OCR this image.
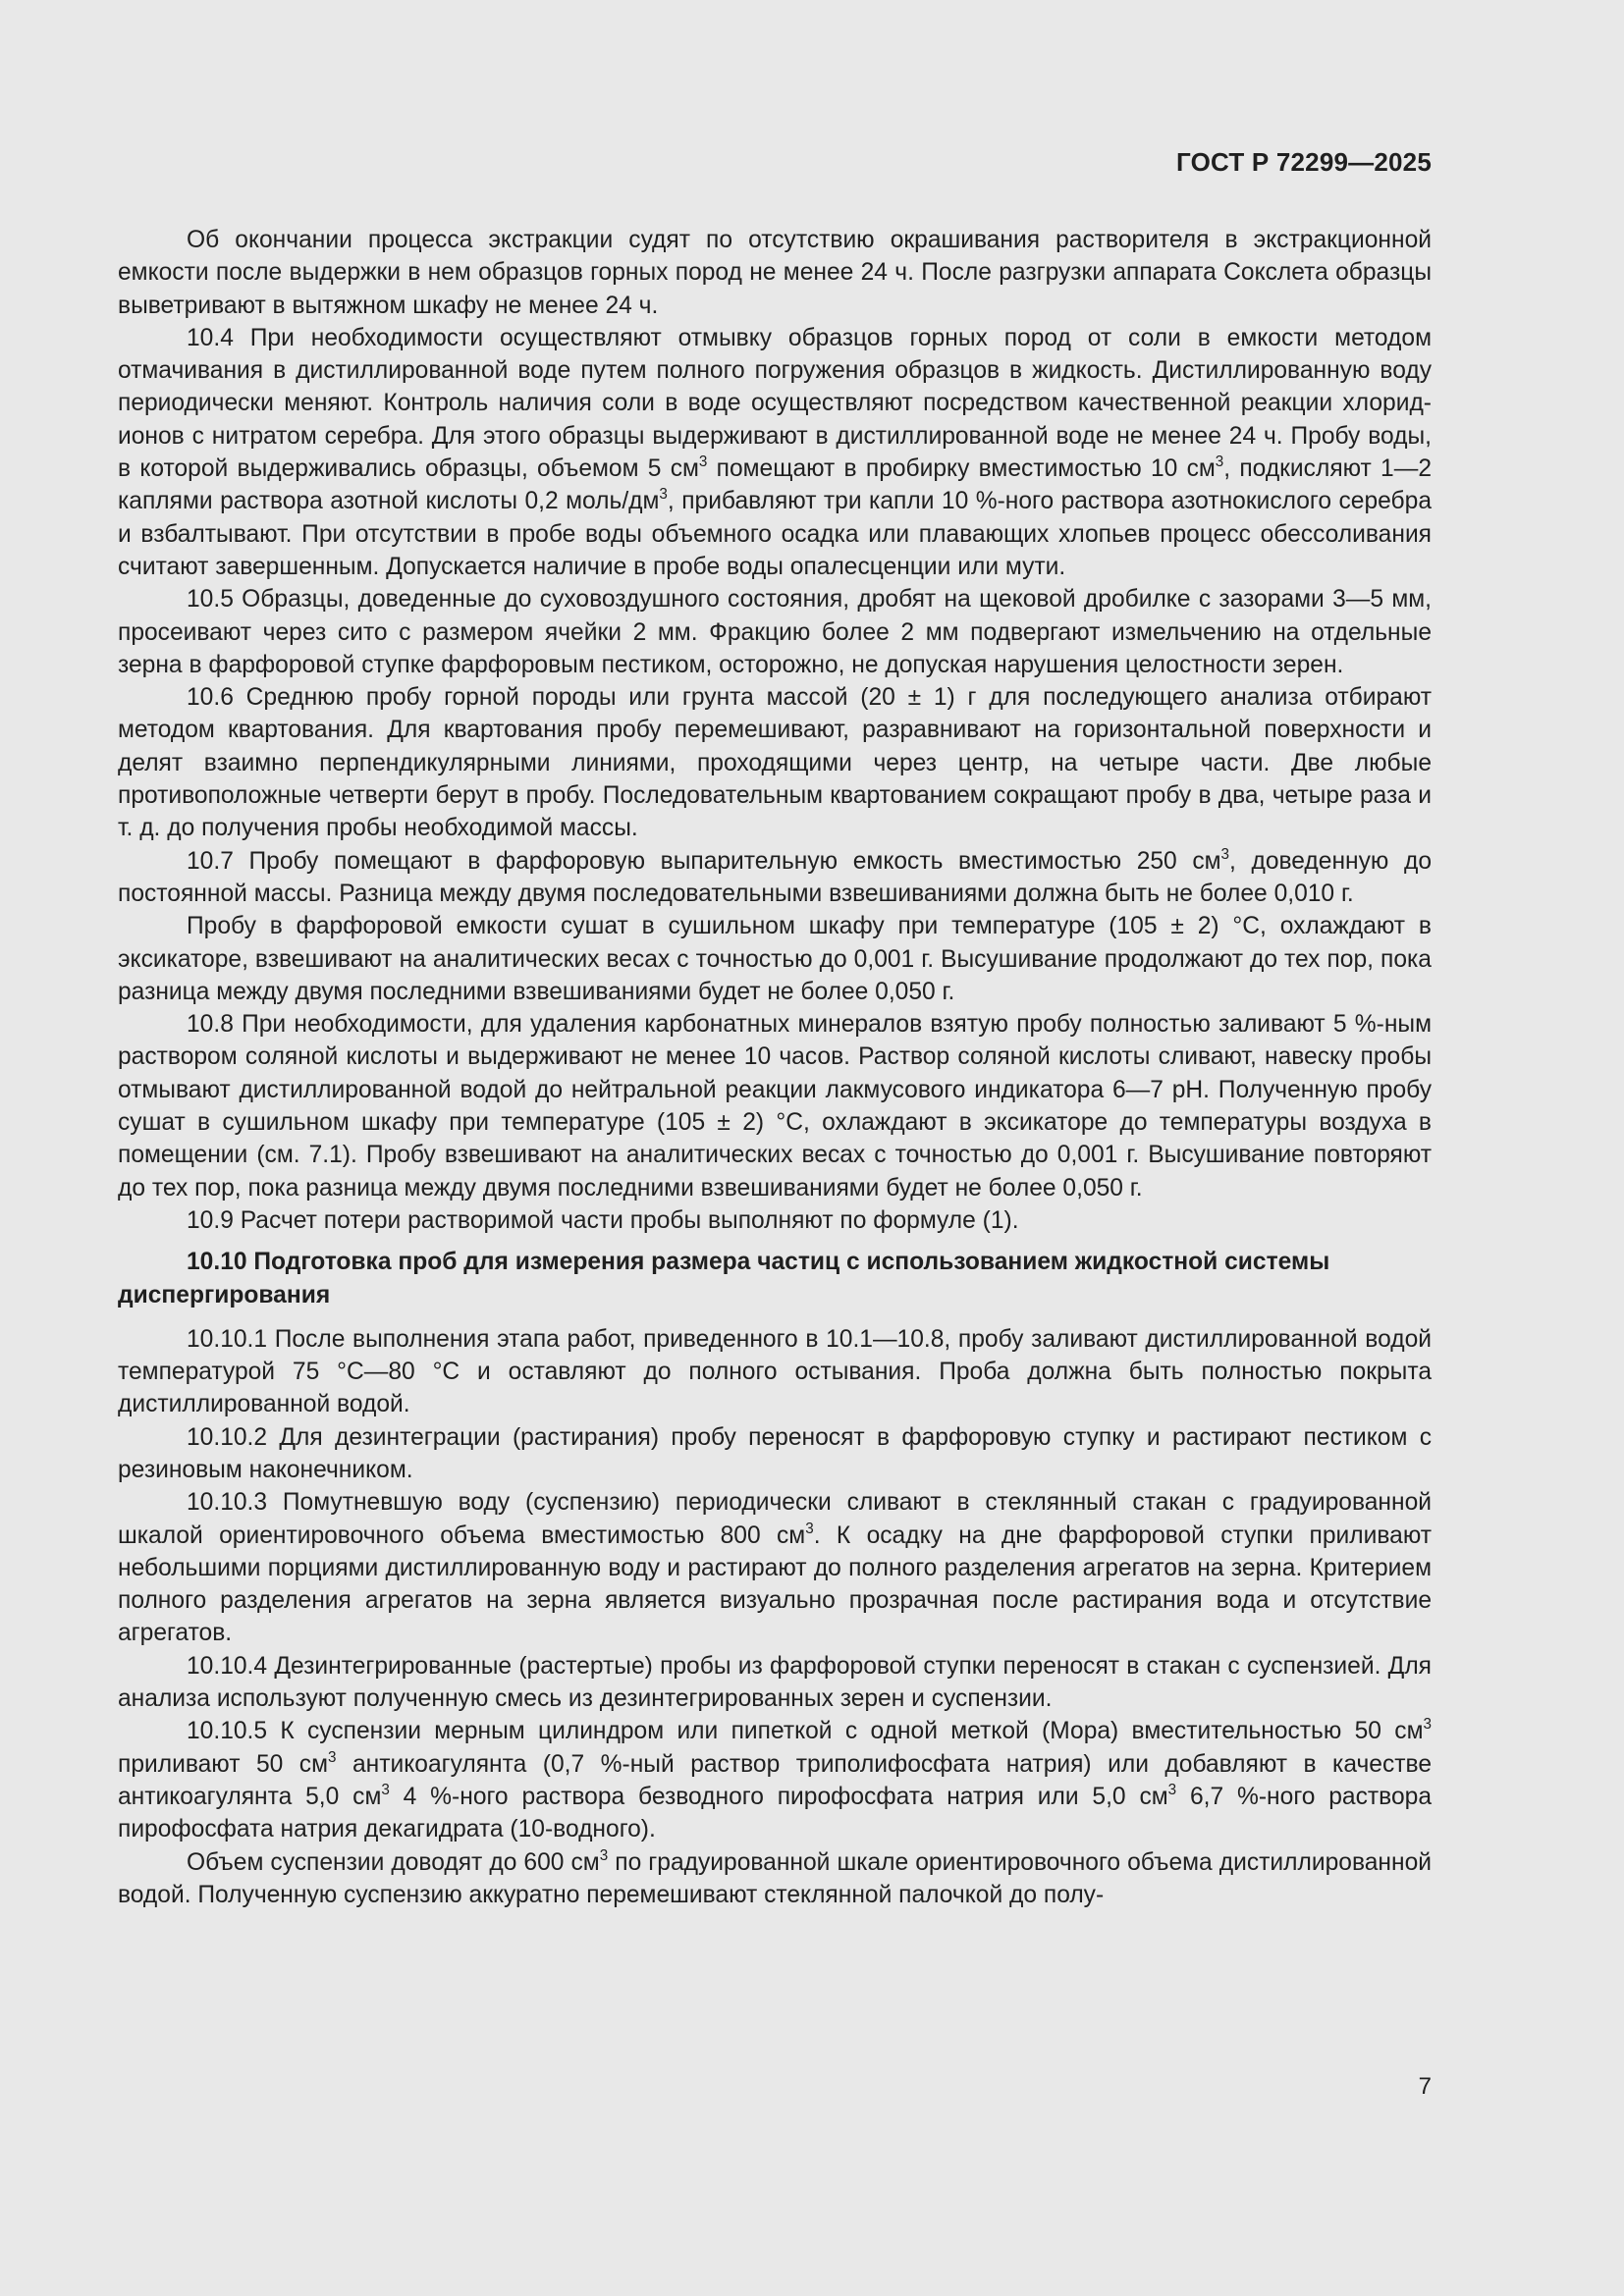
ГОСТ Р 72299—2025

Об окончании процесса экстракции судят по отсутствию окрашивания растворителя в экстракционной емкости после выдержки в нем образцов горных пород не менее 24 ч. После разгрузки аппарата Сокслета образцы выветривают в вытяжном шкафу не менее 24 ч.

10.4 При необходимости осуществляют отмывку образцов горных пород от соли в емкости методом отмачивания в дистиллированной воде путем полного погружения образцов в жидкость. Дистиллированную воду периодически меняют. Контроль наличия соли в воде осуществляют посредством качественной реакции хлорид-ионов с нитратом серебра. Для этого образцы выдерживают в дистиллированной воде не менее 24 ч. Пробу воды, в которой выдерживались образцы, объемом 5 $см^3$ помещают в пробирку вместимостью 10 $см^3$, подкисляют 1—2 каплями раствора азотной кислоты 0,2 моль/$дм^3$, прибавляют три капли 10 %-ного раствора азотнокислого серебра и взбалтывают. При отсутствии в пробе воды объемного осадка или плавающих хлопьев процесс обессоливания считают завершенным. Допускается наличие в пробе воды опалесценции или мути.

10.5 Образцы, доведенные до суховоздушного состояния, дробят на щековой дробилке с зазорами 3—5 мм, просеивают через сито с размером ячейки 2 мм. Фракцию более 2 мм подвергают измельчению на отдельные зерна в фарфоровой ступке фарфоровым пестиком, осторожно, не допуская нарушения целостности зерен.

10.6 Среднюю пробу горной породы или грунта массой (20 ± 1) г для последующего анализа отбирают методом квартования. Для квартования пробу перемешивают, разравнивают на горизонтальной поверхности и делят взаимно перпендикулярными линиями, проходящими через центр, на четыре части. Две любые противоположные четверти берут в пробу. Последовательным квартованием сокращают пробу в два, четыре раза и т. д. до получения пробы необходимой массы.

10.7 Пробу помещают в фарфоровую выпарительную емкость вместимостью 250 $см^3$, доведенную до постоянной массы. Разница между двумя последовательными взвешиваниями должна быть не более 0,010 г.

Пробу в фарфоровой емкости сушат в сушильном шкафу при температуре (105 ± 2) °С, охлаждают в эксикаторе, взвешивают на аналитических весах с точностью до 0,001 г. Высушивание продолжают до тех пор, пока разница между двумя последними взвешиваниями будет не более 0,050 г.

10.8 При необходимости, для удаления карбонатных минералов взятую пробу полностью заливают 5 %-ным раствором соляной кислоты и выдерживают не менее 10 часов. Раствор соляной кислоты сливают, навеску пробы отмывают дистиллированной водой до нейтральной реакции лакмусового индикатора 6—7 рН. Полученную пробу сушат в сушильном шкафу при температуре (105 ± 2) °С, охлаждают в эксикаторе до температуры воздуха в помещении (см. 7.1). Пробу взвешивают на аналитических весах с точностью до 0,001 г. Высушивание повторяют до тех пор, пока разница между двумя последними взвешиваниями будет не более 0,050 г.

10.9 Расчет потери растворимой части пробы выполняют по формуле (1).

10.10 Подготовка проб для измерения размера частиц с использованием жидкостной системы диспергирования

10.10.1 После выполнения этапа работ, приведенного в 10.1—10.8, пробу заливают дистиллированной водой температурой 75 °С—80 °С и оставляют до полного остывания. Проба должна быть полностью покрыта дистиллированной водой.

10.10.2 Для дезинтеграции (растирания) пробу переносят в фарфоровую ступку и растирают пестиком с резиновым наконечником.

10.10.3 Помутневшую воду (суспензию) периодически сливают в стеклянный стакан с градуированной шкалой ориентировочного объема вместимостью 800 $см^3$. К осадку на дне фарфоровой ступки приливают небольшими порциями дистиллированную воду и растирают до полного разделения агрегатов на зерна. Критерием полного разделения агрегатов на зерна является визуально прозрачная после растирания вода и отсутствие агрегатов.

10.10.4 Дезинтегрированные (растертые) пробы из фарфоровой ступки переносят в стакан с суспензией. Для анализа используют полученную смесь из дезинтегрированных зерен и суспензии.

10.10.5 К суспензии мерным цилиндром или пипеткой с одной меткой (Мора) вместительностью 50 $см^3$ приливают 50 $см^3$ антикоагулянта (0,7 %-ный раствор триполифосфата натрия) или добавляют в качестве антикоагулянта 5,0 $см^3$ 4 %-ного раствора безводного пирофосфата натрия или 5,0 $см^3$ 6,7 %-ного раствора пирофосфата натрия декагидрата (10-водного).

Объем суспензии доводят до 600 $см^3$ по градуированной шкале ориентировочного объема дистиллированной водой. Полученную суспензию аккуратно перемешивают стеклянной палочкой до полу-

7
